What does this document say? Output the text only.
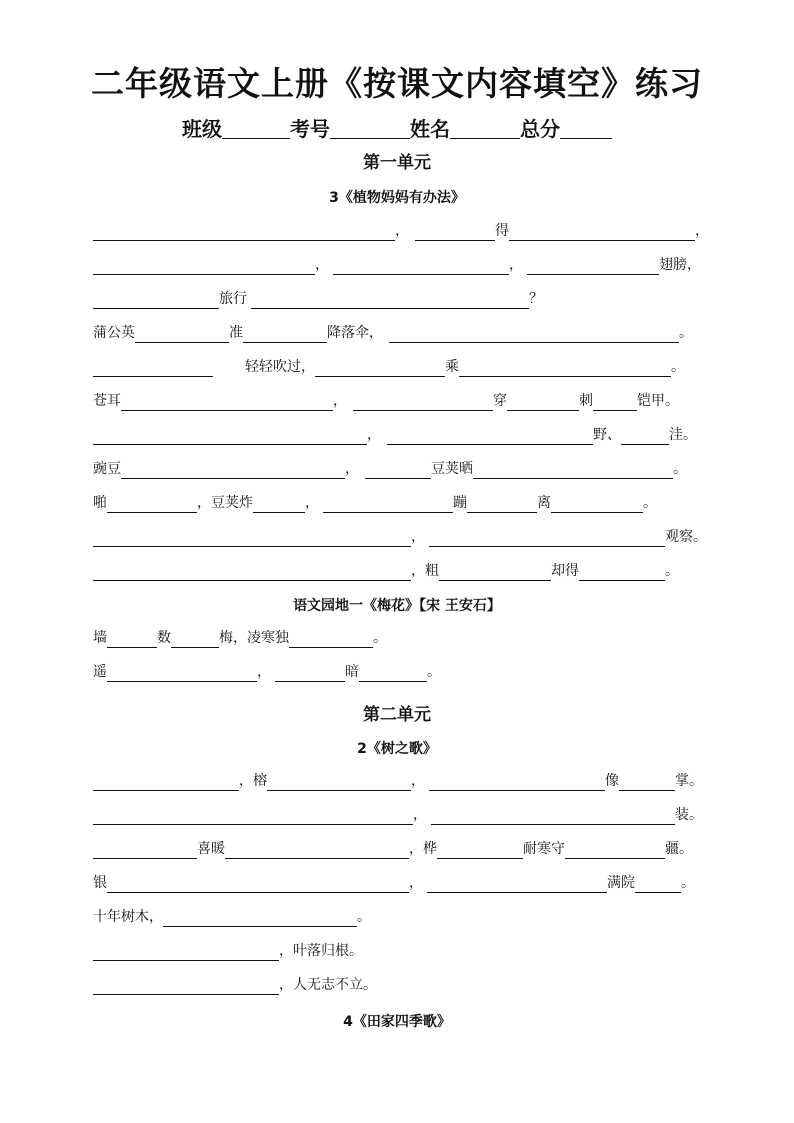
二年级语文上册《按课文内容填空》练习
班级	考号	姓名	总分
第一单元
3《植物妈妈有办法》
，	得	，
，	，	翅膀，
旅行	？
蒲公英	准	降落伞，	。
轻轻吹过，	乘	。
苍耳	，	穿	刺	铠甲。
，	野、	洼。
豌豆	，	豆荚晒	。
啪	，豆荚炸	，	蹦	离	。
，	观察。
，粗	却得	。
语文园地一《梅花》【宋 王安石】
墙	数	梅，凌寒独	。
遥	，	暗	。
第二单元
2《树之歌》
，榕	，	像	掌。
，	装。
喜暖	，桦	耐寒守	疆。
银	，	满院	。
十年树木，	。
，叶落归根。
，人无志不立。
4《田家四季歌》
